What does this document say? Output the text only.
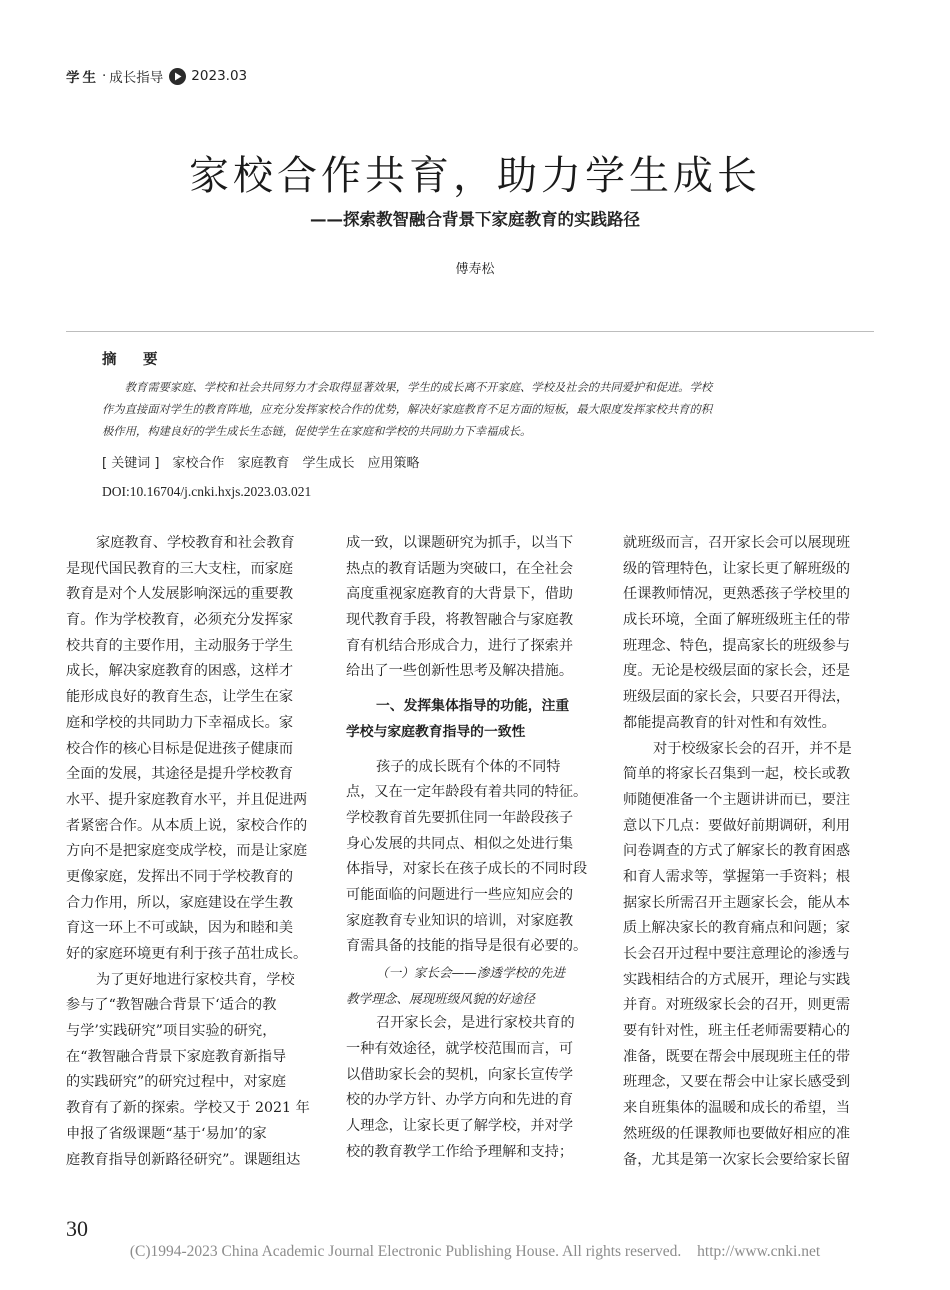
学生 · 成长指导 2023.03
家校合作共育，助力学生成长
——探索教智融合背景下家庭教育的实践路径
傅寿松
摘　要
　　教育需要家庭、学校和社会共同努力才会取得显著效果，学生的成长离不开家庭、学校及社会的共同爱护和促进。学校
作为直接面对学生的教育阵地，应充分发挥家校合作的优势，解决好家庭教育不足方面的短板，最大限度发挥家校共育的积
极作用，构建良好的学生成长生态链，促使学生在家庭和学校的共同助力下幸福成长。
[ 关键词 ] 家校合作 家庭教育 学生成长 应用策略
DOI:10.16704/j.cnki.hxjs.2023.03.021
家庭教育、学校教育和社会教育
是现代国民教育的三大支柱，而家庭
教育是对个人发展影响深远的重要教
育。作为学校教育，必须充分发挥家
校共育的主要作用，主动服务于学生
成长，解决家庭教育的困惑，这样才
能形成良好的教育生态，让学生在家
庭和学校的共同助力下幸福成长。家
校合作的核心目标是促进孩子健康而
全面的发展，其途径是提升学校教育
水平、提升家庭教育水平，并且促进两
者紧密合作。从本质上说，家校合作的
方向不是把家庭变成学校，而是让家庭
更像家庭，发挥出不同于学校教育的
合力作用，所以，家庭建设在学生教
育这一环上不可或缺，因为和睦和美
好的家庭环境更有利于孩子茁壮成长。
为了更好地进行家校共育，学校
参与了“教智融合背景下‘适合的教
与学’实践研究”项目实验的研究，
在“教智融合背景下家庭教育新指导
的实践研究”的研究过程中，对家庭
教育有了新的探索。学校又于 2021 年
申报了省级课题“基于‘易加’的家
庭教育指导创新路径研究”。课题组达
成一致，以课题研究为抓手，以当下
热点的教育话题为突破口，在全社会
高度重视家庭教育的大背景下，借助
现代教育手段，将教智融合与家庭教
育有机结合形成合力，进行了探索并
给出了一些创新性思考及解决措施。
一、发挥集体指导的功能，注重
学校与家庭教育指导的一致性
孩子的成长既有个体的不同特
点，又在一定年龄段有着共同的特征。
学校教育首先要抓住同一年龄段孩子
身心发展的共同点、相似之处进行集
体指导，对家长在孩子成长的不同时段
可能面临的问题进行一些应知应会的
家庭教育专业知识的培训，对家庭教
育需具备的技能的指导是很有必要的。
（一）家长会——渗透学校的先进
教学理念、展现班级风貌的好途径
召开家长会，是进行家校共育的
一种有效途径，就学校范围而言，可
以借助家长会的契机，向家长宣传学
校的办学方针、办学方向和先进的育
人理念，让家长更了解学校，并对学
校的教育教学工作给予理解和支持；
就班级而言，召开家长会可以展现班
级的管理特色，让家长更了解班级的
任课教师情况，更熟悉孩子学校里的
成长环境，全面了解班级班主任的带
班理念、特色，提高家长的班级参与
度。无论是校级层面的家长会，还是
班级层面的家长会，只要召开得法，
都能提高教育的针对性和有效性。
对于校级家长会的召开，并不是
简单的将家长召集到一起，校长或教
师随便准备一个主题讲讲而已，要注
意以下几点：要做好前期调研，利用
问卷调查的方式了解家长的教育困惑
和育人需求等，掌握第一手资料；根
据家长所需召开主题家长会，能从本
质上解决家长的教育痛点和问题；家
长会召开过程中要注意理论的渗透与
实践相结合的方式展开，理论与实践
并育。对班级家长会的召开，则更需
要有针对性，班主任老师需要精心的
准备，既要在帮会中展现班主任的带
班理念，又要在帮会中让家长感受到
来自班集体的温暖和成长的希望，当
然班级的任课教师也要做好相应的准
备，尤其是第一次家长会要给家长留
30
(C)1994-2023 China Academic Journal Electronic Publishing House. All rights reserved. http://www.cnki.net
